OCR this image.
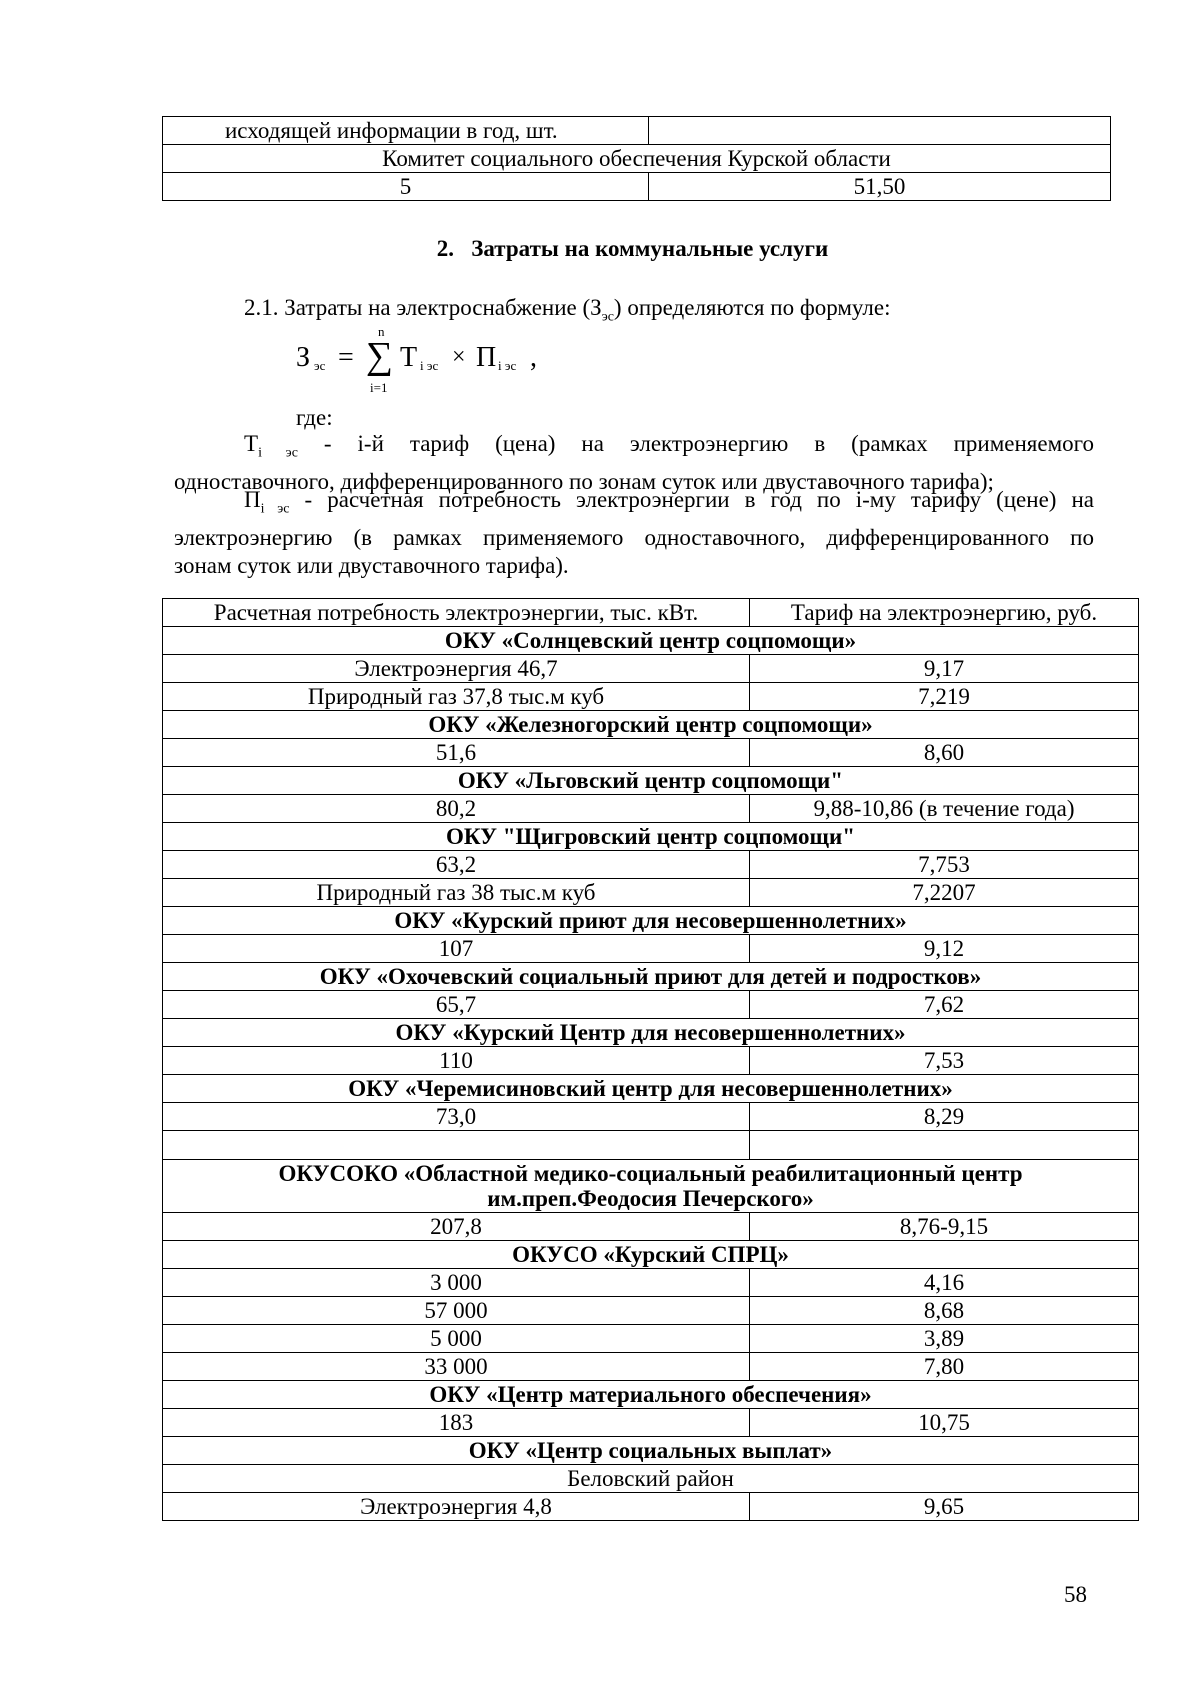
исходящей информации в год, шт.	
Комитет социального обеспечения Курской области	
5	51,50
2.   Затраты на коммунальные услуги
2.1. Затраты на электроснабжение $(З_{эс})$ определяются по формуле:
З эс =
n
∑
i=1
Т i эс × П i эс ,
где:
$Т_{i эс} - i-й$ тариф (цена) на электроэнергию в (рамках применяемого
одноставочного, дифференцированного по зонам суток или двуставочного тарифа);
$П_{i эс}$ - расчетная потребность электроэнергии в год по i-му тарифу (цене) на
электроэнергию (в рамках применяемого одноставочного, дифференцированного по
зонам суток или двуставочного тарифа).
Расчетная потребность электроэнергии, тыс. кВт.	Тариф на электроэнергию, руб.
ОКУ «Солнцевский центр соцпомощи»	
Электроэнергия 46,7	9,17
Природный газ 37,8 тыс.м куб	7,219
ОКУ «Железногорский центр соцпомощи»	
51,6	8,60
ОКУ «Льговский центр соцпомощи"	
80,2	9,88-10,86 (в течение года)
ОКУ "Щигровский центр соцпомощи"	
63,2	7,753
Природный газ 38 тыс.м куб	7,2207
ОКУ «Курский приют для несовершеннолетних»	
107	9,12
ОКУ «Охочевский социальный приют для детей и подростков»	
65,7	7,62
ОКУ «Курский Центр для несовершеннолетних»	
110	7,53
ОКУ «Черемисиновский центр для несовершеннолетних»	
73,0	8,29

ОКУСОКО «Областной медико-социальный реабилитационный центр
им.преп.Феодосия Печерского»	

207,8	8,76-9,15
ОКУСО «Курский СПРЦ»	
3 000	4,16
57 000	8,68
5 000	3,89
33 000	7,80
ОКУ «Центр материального обеспечения»	
183	10,75
ОКУ «Центр социальных выплат»	
Беловский район	
Электроэнергия 4,8	9,65
58
